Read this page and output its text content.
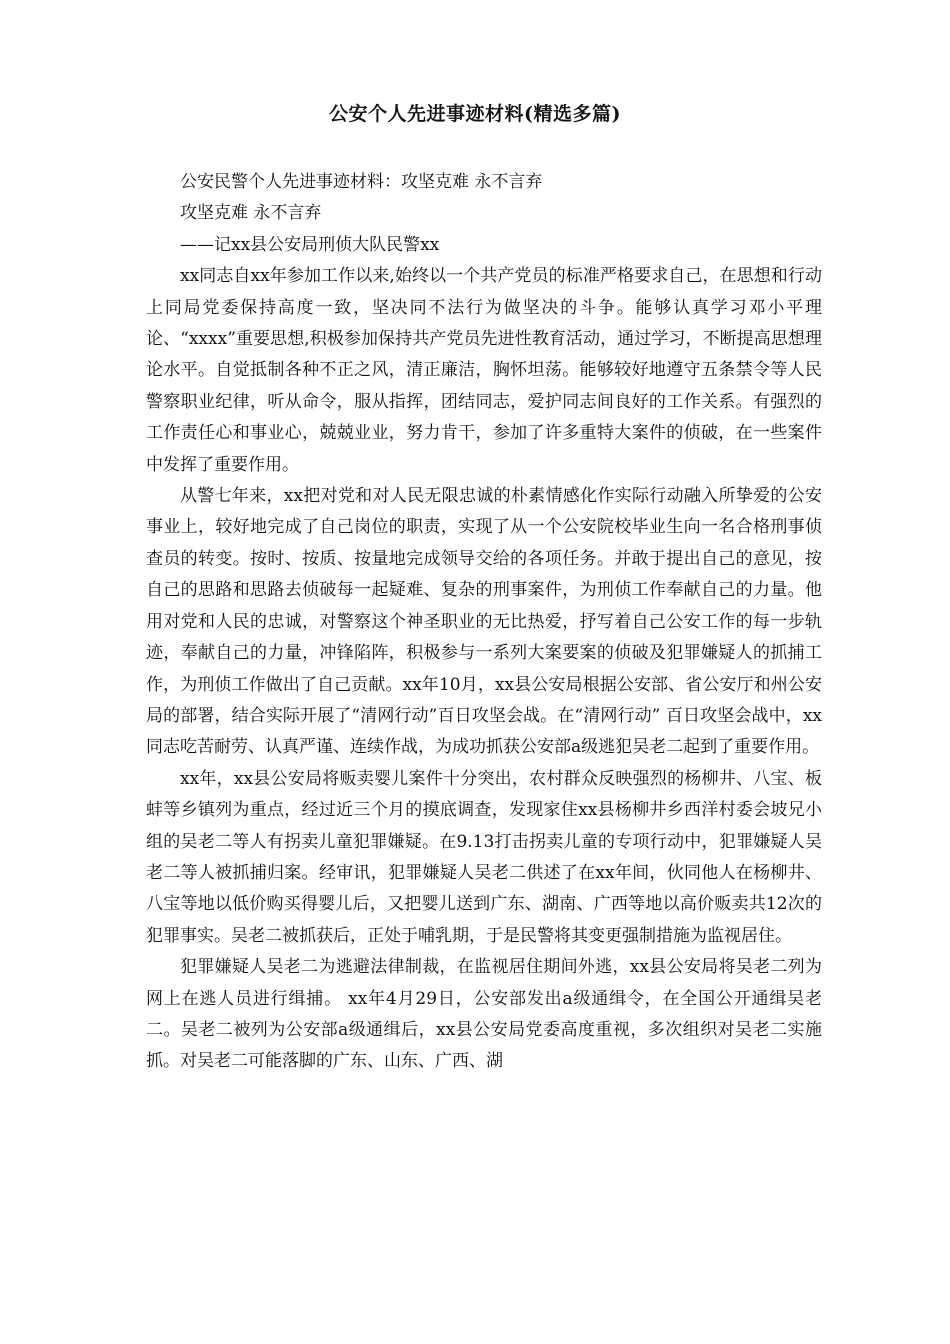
公安个人先进事迹材料(精选多篇)

公安民警个人先进事迹材料：攻坚克难 永不言弃

攻坚克难 永不言弃

——记xx县公安局刑侦大队民警xx

xx同志自xx年参加工作以来,始终以一个共产党员的标准严格要求自己，在思想和行动上同局党委保持高度一致，坚决同不法行为做坚决的斗争。能够认真学习邓小平理论、“xxxx”重要思想,积极参加保持共产党员先进性教育活动，通过学习，不断提高思想理论水平。自觉抵制各种不正之风，清正廉洁，胸怀坦荡。能够较好地遵守五条禁令等人民警察职业纪律，听从命令，服从指挥，团结同志，爱护同志间良好的工作关系。有强烈的工作责任心和事业心，兢兢业业，努力肯干，参加了许多重特大案件的侦破，在一些案件中发挥了重要作用。

从警七年来，xx把对党和对人民无限忠诚的朴素情感化作实际行动融入所挚爱的公安事业上，较好地完成了自己岗位的职责，实现了从一个公安院校毕业生向一名合格刑事侦查员的转变。按时、按质、按量地完成领导交给的各项任务。并敢于提出自己的意见，按自己的思路和思路去侦破每一起疑难、复杂的刑事案件，为刑侦工作奉献自己的力量。他用对党和人民的忠诚，对警察这个神圣职业的无比热爱，抒写着自己公安工作的每一步轨迹，奉献自己的力量，冲锋陷阵，积极参与一系列大案要案的侦破及犯罪嫌疑人的抓捕工作，为刑侦工作做出了自己贡献。xx年10月，xx县公安局根据公安部、省公安厅和州公安局的部署，结合实际开展了“清网行动”百日攻坚会战。在“清网行动” 百日攻坚会战中，xx同志吃苦耐劳、认真严谨、连续作战，为成功抓获公安部a级逃犯吴老二起到了重要作用。

xx年，xx县公安局将贩卖婴儿案件十分突出，农村群众反映强烈的杨柳井、八宝、板蚌等乡镇列为重点，经过近三个月的摸底调查，发现家住xx县杨柳井乡西洋村委会坡兄小组的吴老二等人有拐卖儿童犯罪嫌疑。在9.13打击拐卖儿童的专项行动中，犯罪嫌疑人吴老二等人被抓捕归案。经审讯，犯罪嫌疑人吴老二供述了在xx年间，伙同他人在杨柳井、八宝等地以低价购买得婴儿后，又把婴儿送到广东、湖南、广西等地以高价贩卖共12次的犯罪事实。吴老二被抓获后，正处于哺乳期，于是民警将其变更强制措施为监视居住。

犯罪嫌疑人吴老二为逃避法律制裁，在监视居住期间外逃，xx县公安局将吴老二列为网上在逃人员进行缉捕。 xx年4月29日，公安部发出a级通缉令，在全国公开通缉吴老二。吴老二被列为公安部a级通缉后，xx县公安局党委高度重视，多次组织对吴老二实施抓。对吴老二可能落脚的广东、山东、广西、湖
